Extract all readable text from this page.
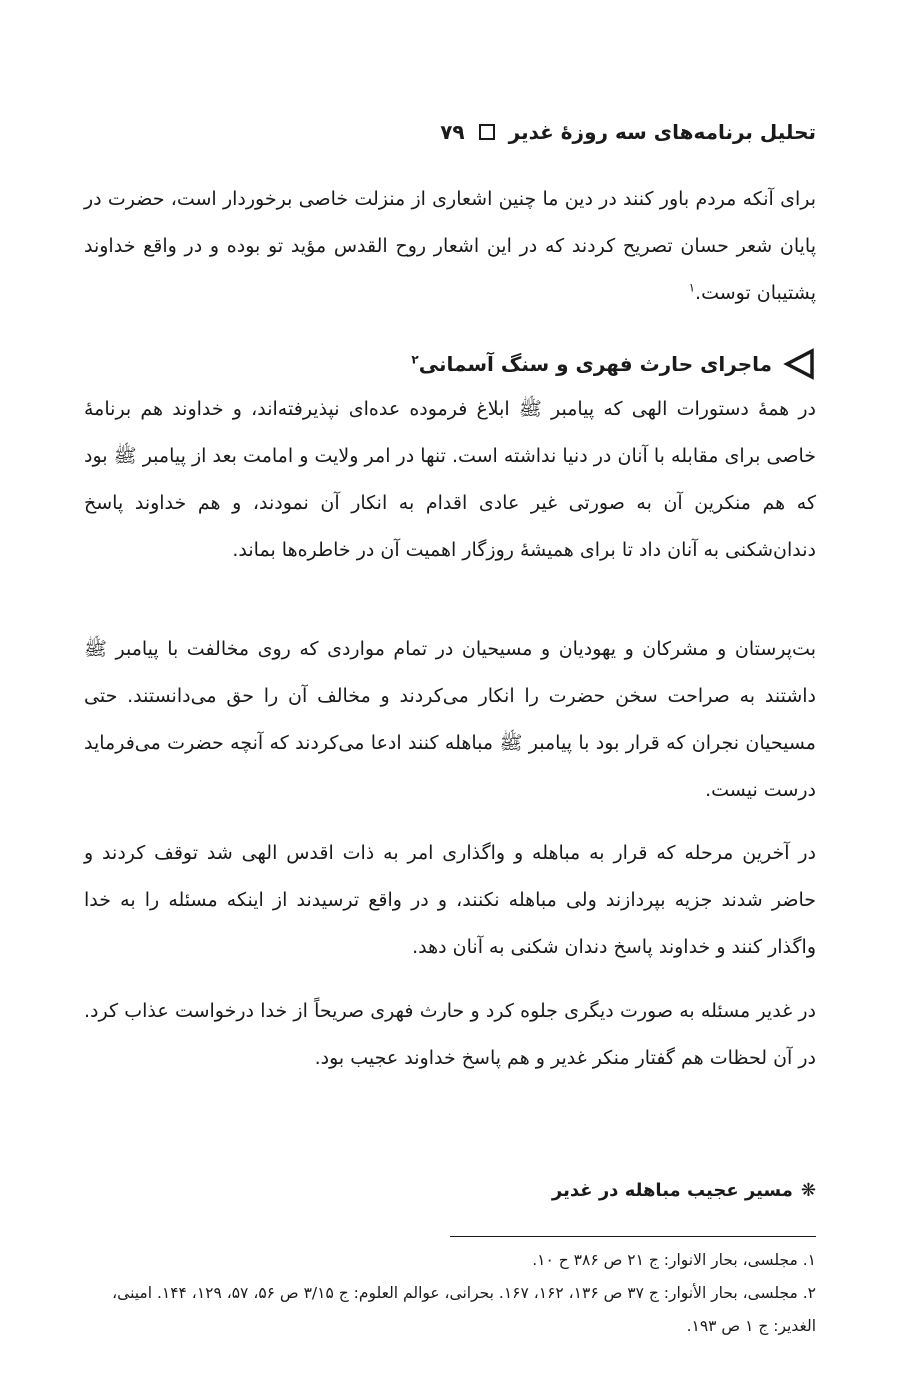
تحلیل برنامه‌های سه روزهٔ غدیر
۷۹

برای آنکه مردم باور کنند در دین ما چنین اشعاری از منزلت خاصی برخوردار است، حضرت در پایان شعر حسان تصریح کردند که در این اشعار روح القدس مؤید تو بوده و در واقع خداوند پشتیبان توست.$^۱$

ماجرای حارث فهری و سنگ آسمانی$^۲$

در همهٔ دستورات الهی که پیامبر ﷺ ابلاغ فرموده عده‌ای نپذیرفته‌اند، و خداوند هم برنامهٔ خاصی برای مقابله با آنان در دنیا نداشته است. تنها در امر ولایت و امامت بعد از پیامبر ﷺ بود که هم منکرین آن به صورتی غیر عادی اقدام به انکار آن نمودند، و هم خداوند پاسخ دندان‌شکنی به آنان داد تا برای همیشهٔ روزگار اهمیت آن در خاطره‌ها بماند.

بت‌پرستان و مشرکان و یهودیان و مسیحیان در تمام مواردی که روی مخالفت با پیامبر ﷺ داشتند به صراحت سخن حضرت را انکار می‌کردند و مخالف آن را حق می‌دانستند. حتی مسیحیان نجران که قرار بود با پیامبر ﷺ مباهله کنند ادعا می‌کردند که آنچه حضرت می‌فرماید درست نیست.

در آخرین مرحله که قرار به مباهله و واگذاری امر به ذات اقدس الهی شد توقف کردند و حاضر شدند جزیه بپردازند ولی مباهله نکنند، و در واقع ترسیدند از اینکه مسئله را به خدا واگذار کنند و خداوند پاسخ دندان شکنی به آنان دهد.

در غدیر مسئله به صورت دیگری جلوه کرد و حارث فهری صریحاً از خدا درخواست عذاب کرد. در آن لحظات هم گفتار منکر غدیر و هم پاسخ خداوند عجیب بود.

❋
مسیر عجیب مباهله در غدیر

۱. مجلسی، بحار الانوار: ج ۲۱ ص ۳۸۶ ح ۱۰.

۲. مجلسی، بحار الأنوار: ج ۳۷ ص ۱۳۶، ۱۶۲، ۱۶۷. بحرانی، عوالم العلوم: ج ۳/۱۵ ص ۵۶، ۵۷، ۱۲۹، ۱۴۴. امینی، الغدیر: ج ۱ ص ۱۹۳.
